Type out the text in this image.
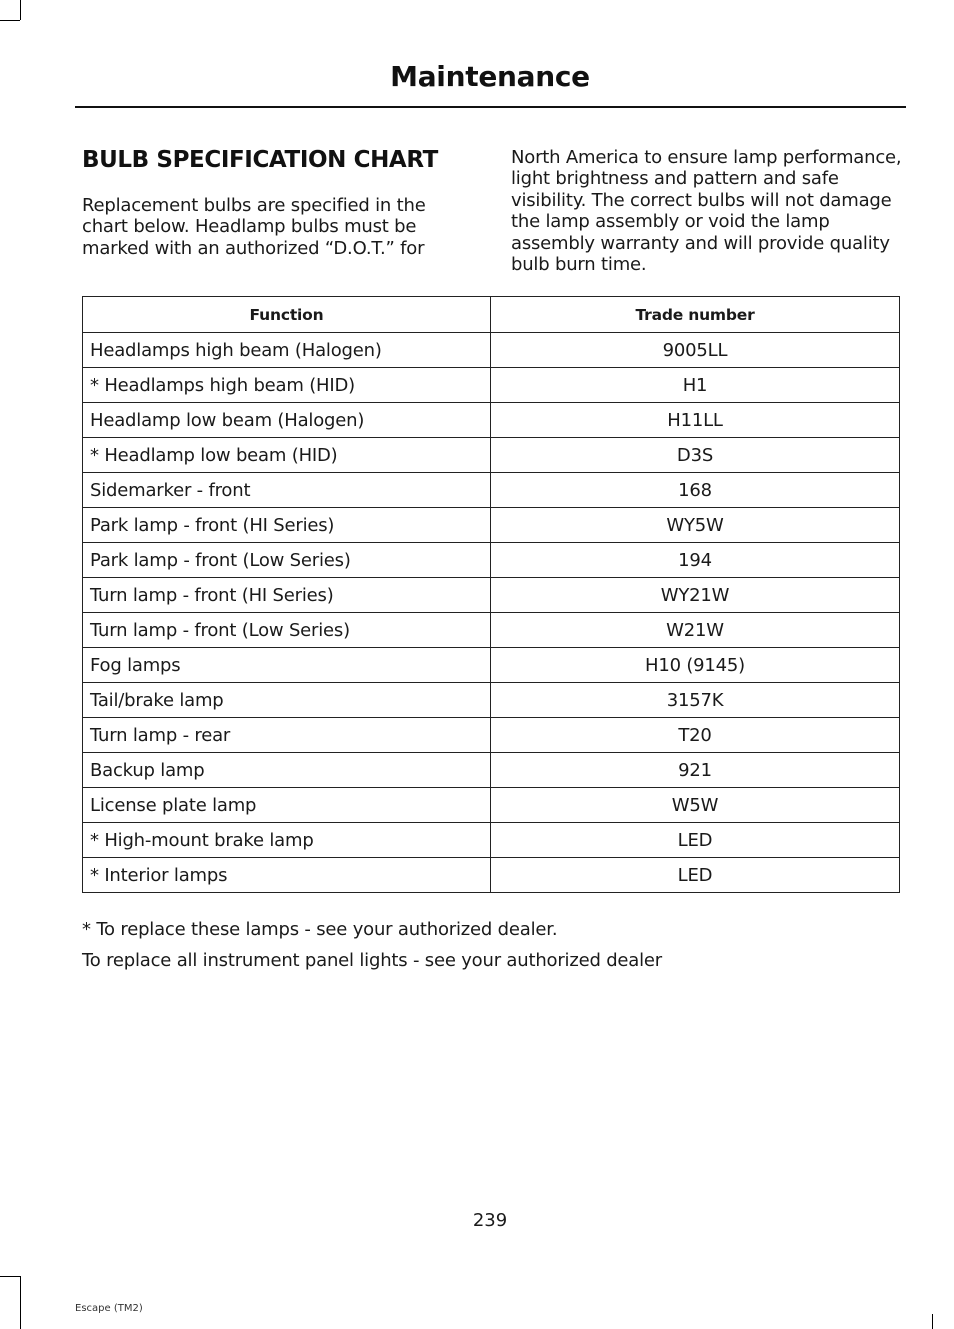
Maintenance
BULB SPECIFICATION CHART
Replacement bulbs are specified in the chart below. Headlamp bulbs must be marked with an authorized “D.O.T.” for
North America to ensure lamp performance, light brightness and pattern and safe visibility. The correct bulbs will not damage the lamp assembly or void the lamp assembly warranty and will provide quality bulb burn time.
Function	Trade number
Headlamps high beam (Halogen)	9005LL
* Headlamps high beam (HID)	H1
Headlamp low beam (Halogen)	H11LL
* Headlamp low beam (HID)	D3S
Sidemarker - front	168
Park lamp - front (HI Series)	WY5W
Park lamp - front (Low Series)	194
Turn lamp - front (HI Series)	WY21W
Turn lamp - front (Low Series)	W21W
Fog lamps	H10 (9145)
Tail/brake lamp	3157K
Turn lamp - rear	T20
Backup lamp	921
License plate lamp	W5W
* High-mount brake lamp	LED
* Interior lamps	LED
* To replace these lamps - see your authorized dealer.
To replace all instrument panel lights - see your authorized dealer
239
Escape (TM2)
